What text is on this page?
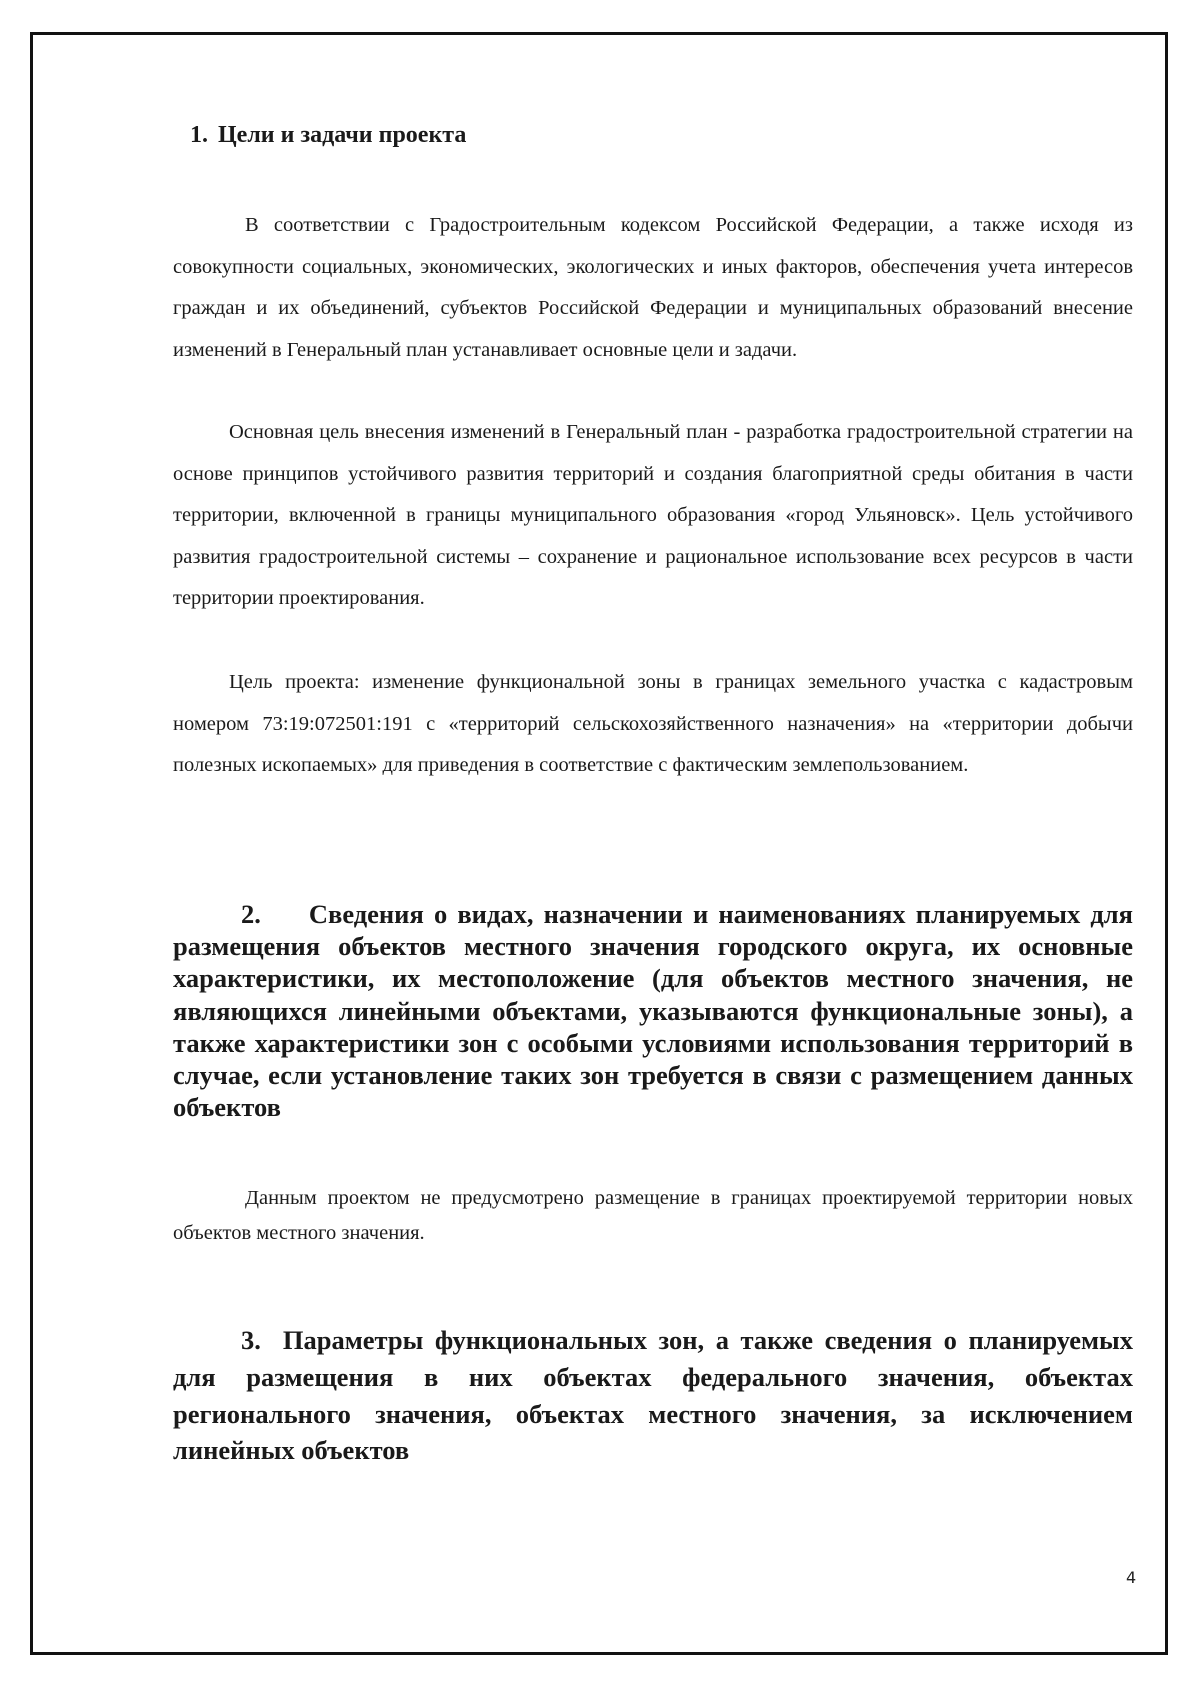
1. Цели и задачи проекта

В соответствии с Градостроительным кодексом Российской Федерации, а также исходя из совокупности социальных, экономических, экологических и иных факторов, обеспечения учета интересов граждан и их объединений, субъектов Российской Федерации и муниципальных образований внесение изменений в Генеральный план устанавливает основные цели и задачи.

Основная цель внесения изменений в Генеральный план - разработка градостроительной стратегии на основе принципов устойчивого развития территорий и создания благоприятной среды обитания в части территории, включенной в границы муниципального образования «город Ульяновск». Цель устойчивого развития градостроительной системы – сохранение и рациональное использование всех ресурсов в части территории проектирования.

Цель проекта: изменение функциональной зоны в границах земельного участка с кадастровым номером 73:19:072501:191 с «территорий сельскохозяйственного назначения» на «территории добычи полезных ископаемых» для приведения в соответствие с фактическим землепользованием.

2. Сведения о видах, назначении и наименованиях планируемых для размещения объектов местного значения городского округа, их основные характеристики, их местоположение (для объектов местного значения, не являющихся линейными объектами, указываются функциональные зоны), а также характеристики зон с особыми условиями использования территорий в случае, если установление таких зон требуется в связи с размещением данных объектов

Данным проектом не предусмотрено размещение в границах проектируемой территории новых объектов местного значения.

3. Параметры функциональных зон, а также сведения о планируемых для размещения в них объектах федерального значения, объектах регионального значения, объектах местного значения, за исключением линейных объектов

4
